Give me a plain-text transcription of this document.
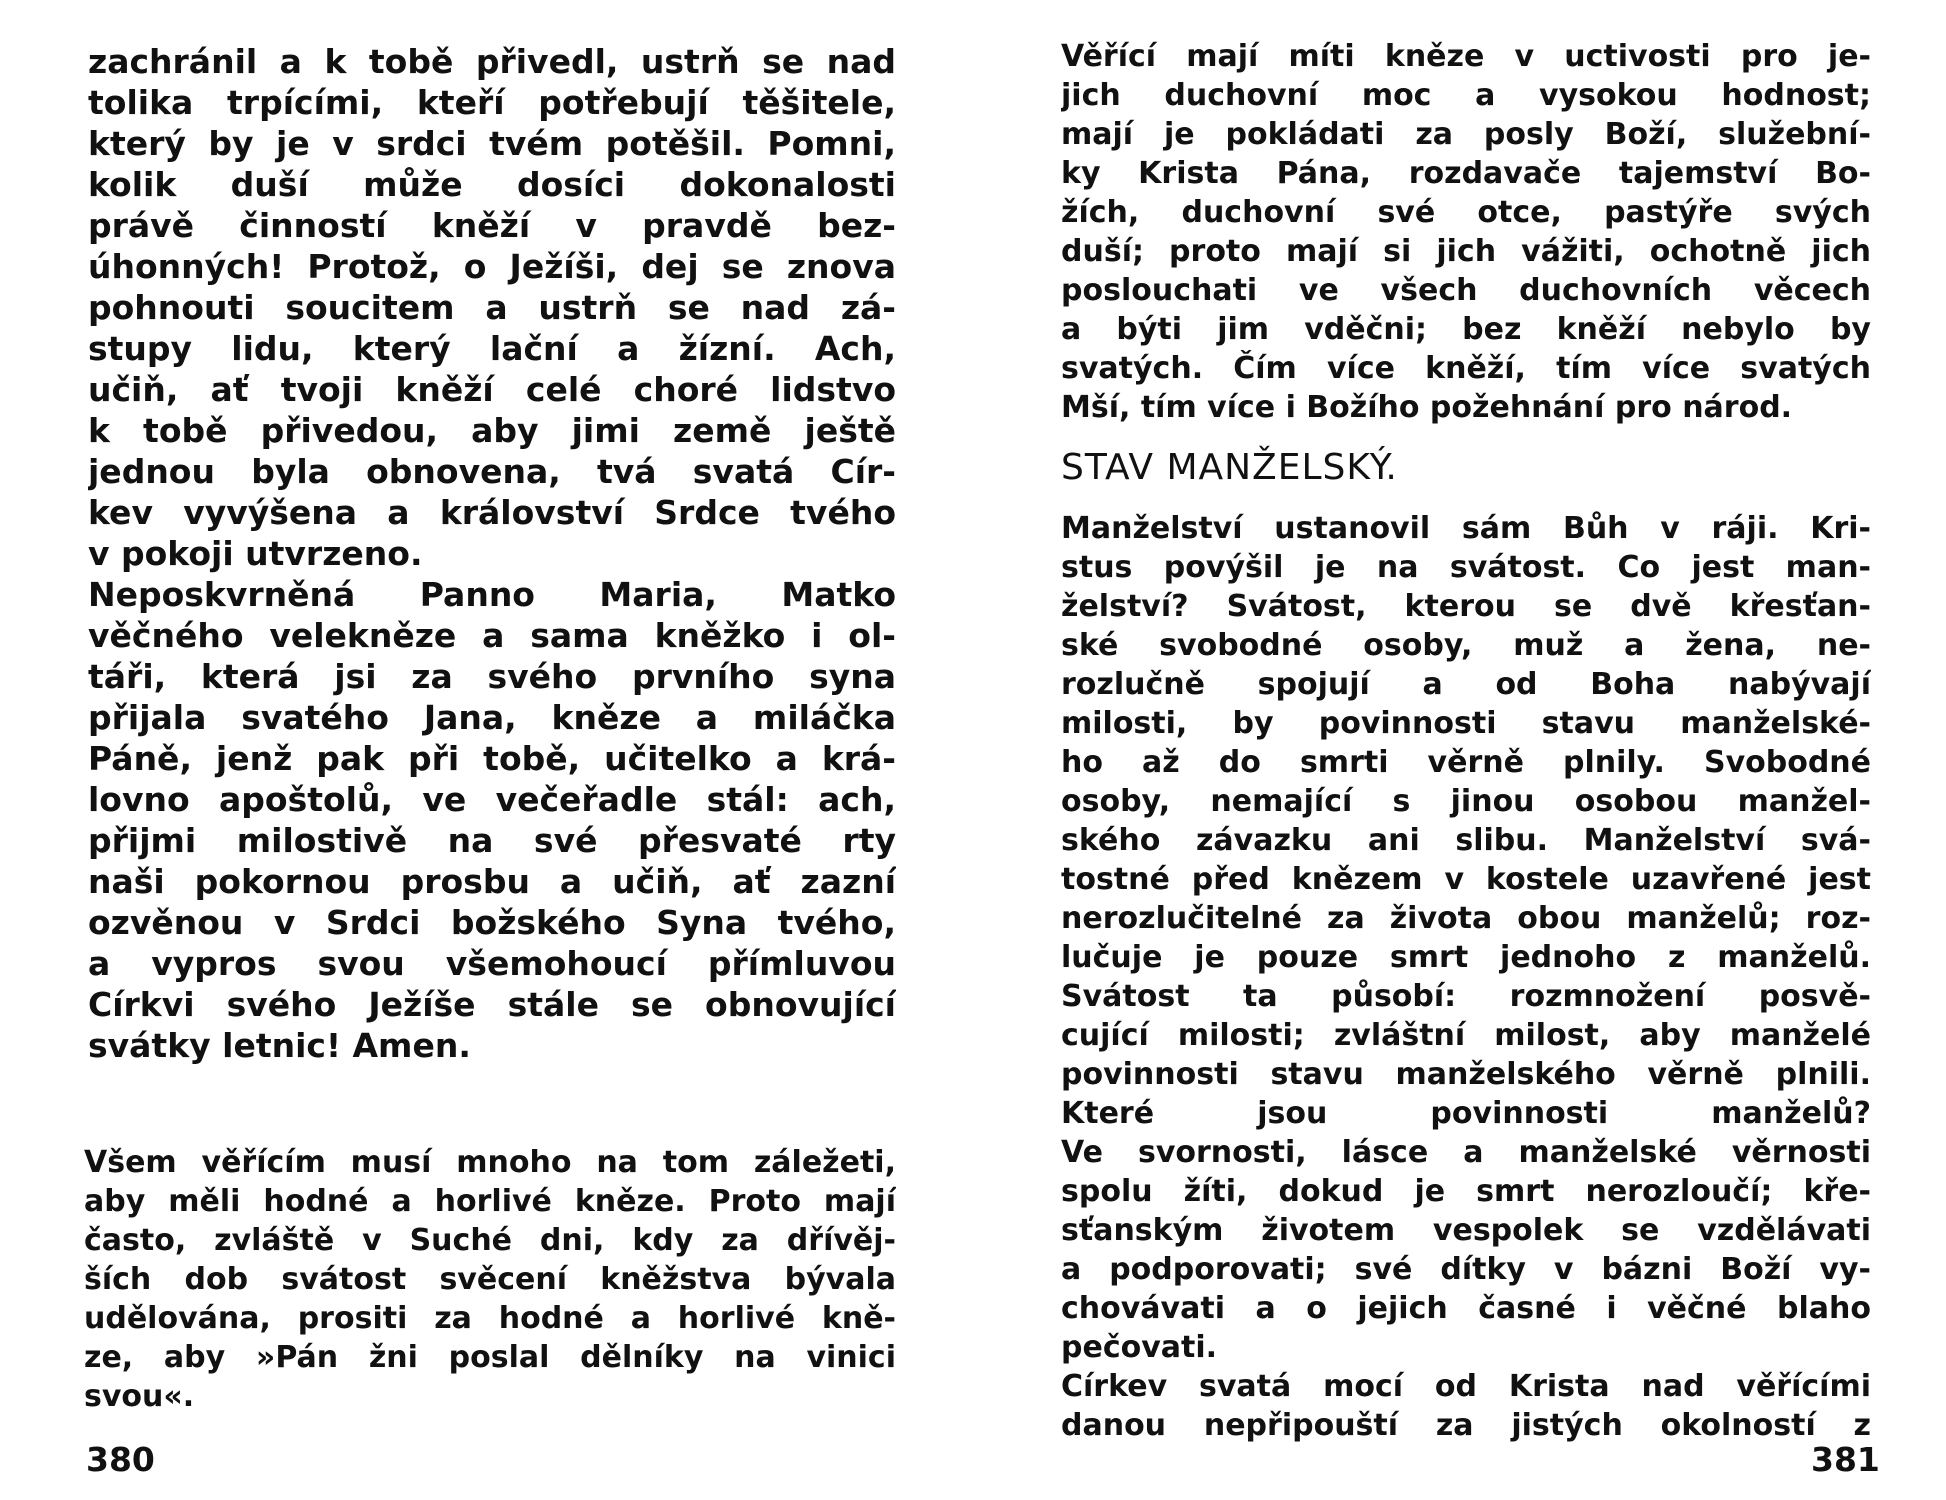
zachránil a k tobě přivedl, ustrň se nad
tolika trpícími, kteří potřebují těšitele,
který by je v srdci tvém potěšil. Pomni,
kolik duší může dosíci dokonalosti
právě činností kněží v pravdě bez-
úhonných! Protož, o Ježíši, dej se znova
pohnouti soucitem a ustrň se nad zá-
stupy lidu, který lační a žízní. Ach,
učiň, ať tvoji kněží celé choré lidstvo
k tobě přivedou, aby jimi země ještě
jednou byla obnovena, tvá svatá Cír-
kev vyvýšena a království Srdce tvého
v pokoji utvrzeno.
Neposkvrněná Panno Maria, Matko
věčného velekněze a sama kněžko i ol-
táři, která jsi za svého prvního syna
přijala svatého Jana, kněze a miláčka
Páně, jenž pak při tobě, učitelko a krá-
lovno apoštolů, ve večeřadle stál: ach,
přijmi milostivě na své přesvaté rty
naši pokornou prosbu a učiň, ať zazní
ozvěnou v Srdci božského Syna tvého,
a vypros svou všemohoucí přímluvou
Církvi svého Ježíše stále se obnovující
svátky letnic! Amen.
Všem věřícím musí mnoho na tom záležeti,
aby měli hodné a horlivé kněze. Proto mají
často, zvláště v Suché dni, kdy za dřívěj-
ších dob svátost svěcení kněžstva bývala
udělována, prositi za hodné a horlivé kně-
ze, aby »Pán žni poslal dělníky na vinici
svou«.

380

Věřící mají míti kněze v uctivosti pro je-
jich duchovní moc a vysokou hodnost;
mají je pokládati za posly Boží, služební-
ky Krista Pána, rozdavače tajemství Bo-
žích, duchovní své otce, pastýře svých
duší; proto mají si jich vážiti, ochotně jich
poslouchati ve všech duchovních věcech
a býti jim vděčni; bez kněží nebylo by
svatých. Čím více kněží, tím více svatých
Mší, tím více i Božího požehnání pro národ.
STAV MANŽELSKÝ.
Manželství ustanovil sám Bůh v ráji. Kri-
stus povýšil je na svátost. Co jest man-
želství? Svátost, kterou se dvě křesťan-
ské svobodné osoby, muž a žena, ne-
rozlučně spojují a od Boha nabývají
milosti, by povinnosti stavu manželské-
ho až do smrti věrně plnily. Svobodné
osoby, nemající s jinou osobou manžel-
ského závazku ani slibu. Manželství svá-
tostné před knězem v kostele uzavřené jest
nerozlučitelné za života obou manželů; roz-
lučuje je pouze smrt jednoho z manželů.
Svátost ta působí: rozmnožení posvě-
cující milosti; zvláštní milost, aby manželé
povinnosti stavu manželského věrně plnili.
Které jsou povinnosti manželů?
Ve svornosti, lásce a manželské věrnosti
spolu žíti, dokud je smrt nerozloučí; kře-
sťanským životem vespolek se vzdělávati
a podporovati; své dítky v bázni Boží vy-
chovávati a o jejich časné i věčné blaho
pečovati.
Církev svatá mocí od Krista nad věřícími
danou nepřipouští za jistých okolností z

381
